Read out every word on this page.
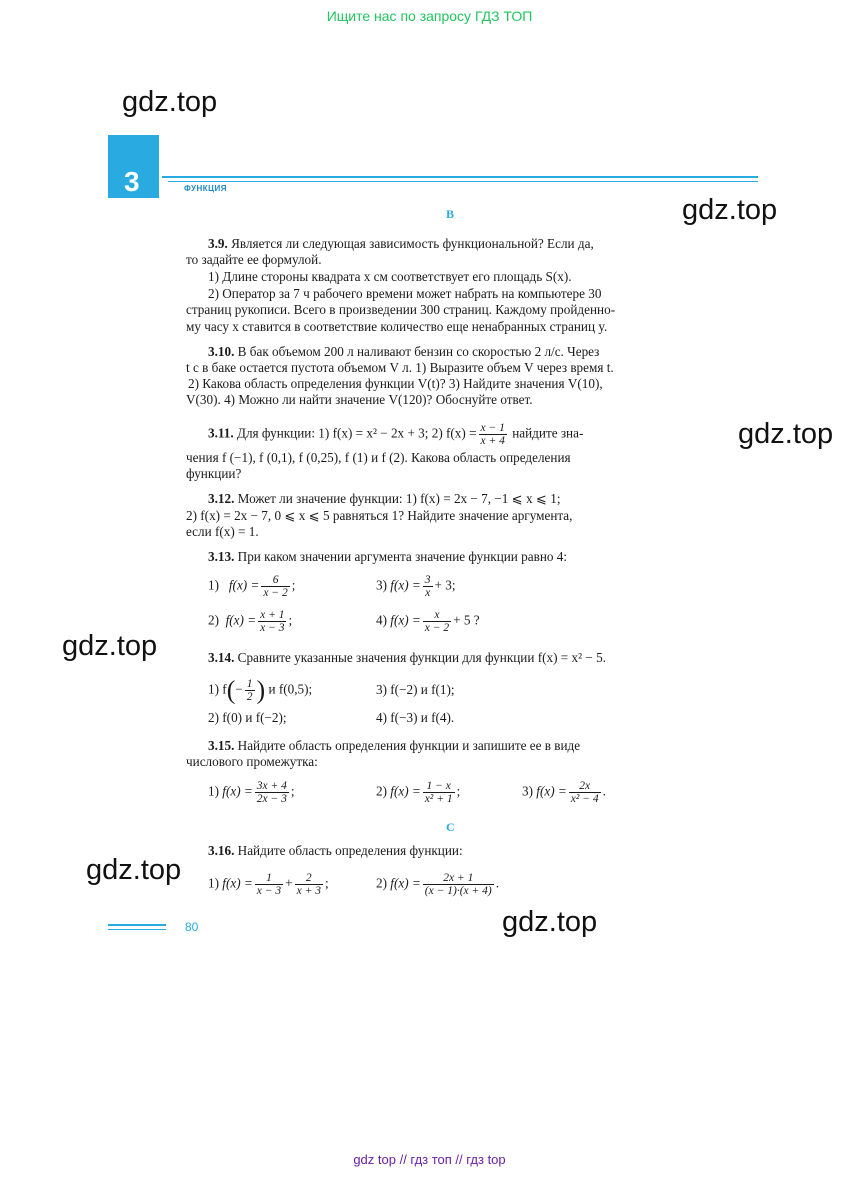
Ищите нас по запросу ГДЗ ТОП
gdz.top
gdz.top
gdz.top
gdz.top
gdz.top
gdz.top
3	ФУНКЦИЯ
B
3.9. Является ли следующая зависимость функциональной? Если да,
то задайте ее формулой.
1) Длине стороны квадрата x см соответствует его площадь S(x).
2) Оператор за 7 ч рабочего времени может набрать на компьютере 30
страниц рукописи. Всего в произведении 300 страниц. Каждому пройденно-
му часу x ставится в соответствие количество еще ненабранных страниц y.
3.10. В бак объемом 200 л наливают бензин со скоростью 2 л/с. Через
t с в баке остается пустота объемом V л. 1) Выразите объем V через время t.
2) Какова область определения функции V(t)? 3) Найдите значения V(10),
V(30). 4) Можно ли найти значение V(120)? Обоснуйте ответ.
3.11. Для функции: 1) f(x) = x² − 2x + 3; 2) $f(x) = \frac{x - 1}{x + 4}$ найдите зна-
чения f (−1), f (0,1), f (0,25), f (1) и f (2). Какова область определения
функции?
3.12. Может ли значение функции: 1) f(x) = 2x − 7, −1 ⩽ x ⩽ 1;
2) f(x) = 2x − 7, 0 ⩽ x ⩽ 5 равняться 1? Найдите значение аргумента,
если f(x) = 1.
3.13. При каком значении аргумента значение функции равно 4:
1) $f(x) = \frac{6}{x - 2}$ ;	3) $f(x) = \frac{3}{x} + 3$;
2) $f(x) = \frac{x + 1}{x - 3}$ ;	4) $f(x) = \frac{x}{x - 2} + 5$ ?
3.14. Сравните указанные значения функции для функции f(x) = x² − 5.
1) $f(- \frac{1}{2}$ ) и f(0,5);	3) f(−2) и f(1);
2) f(0) и f(−2);	4) f(−3) и f(4).
3.15. Найдите область определения функции и запишите ее в виде
числового промежутка:
1) $f(x) = \frac{3x + 4}{2x - 3}$ ;	2) $f(x) = \frac{1 - x}{\text{x² + 1}}$ ;	3) $f(x) = \frac{2x}{\text{x² − 4}}$ .
C
3.16. Найдите область определения функции:
1) $f(x) = \frac{1}{x - 3} + \frac{2}{x + 3}$ ;	2) $f(x) = \frac{2x + 1}{(x - 1)\cdot(x + 4)}$ .
80
gdz top // гдз топ // гдз top
